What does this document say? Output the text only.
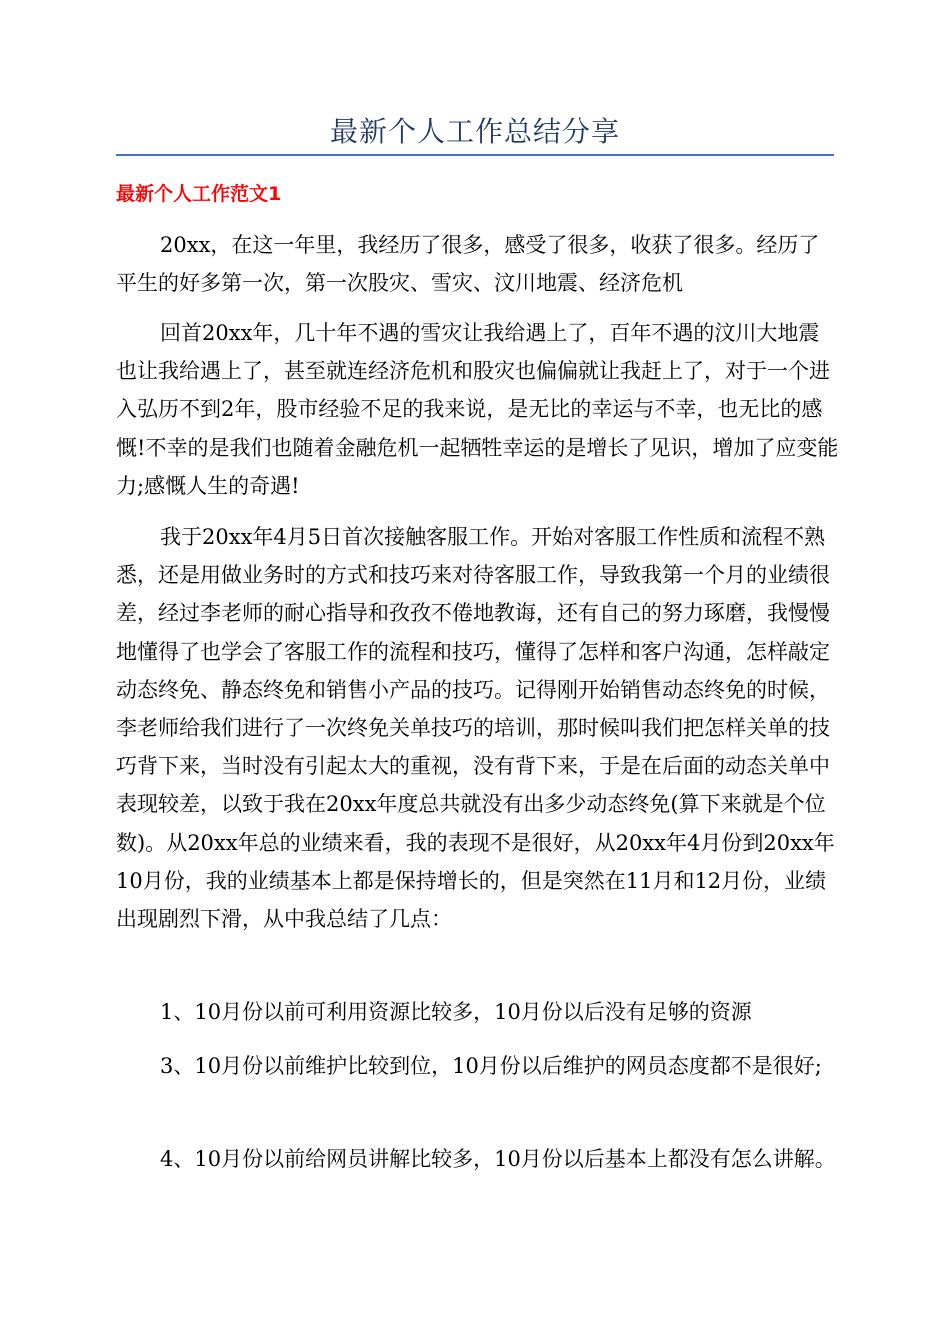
最新个人工作总结分享
最新个人工作范文1

20xx，在这一年里，我经历了很多，感受了很多，收获了很多。经历了平生的好多第一次，第一次股灾、雪灾、汶川地震、经济危机

回首20xx年，几十年不遇的雪灾让我给遇上了，百年不遇的汶川大地震也让我给遇上了，甚至就连经济危机和股灾也偏偏就让我赶上了，对于一个进入弘历不到2年，股市经验不足的我来说，是无比的幸运与不幸，也无比的感慨!不幸的是我们也随着金融危机一起牺牲幸运的是增长了见识，增加了应变能力;感慨人生的奇遇!

我于20xx年4月5日首次接触客服工作。开始对客服工作性质和流程不熟悉，还是用做业务时的方式和技巧来对待客服工作，导致我第一个月的业绩很差，经过李老师的耐心指导和孜孜不倦地教诲，还有自己的努力琢磨，我慢慢地懂得了也学会了客服工作的流程和技巧，懂得了怎样和客户沟通，怎样敲定动态终免、静态终免和销售小产品的技巧。记得刚开始销售动态终免的时候，李老师给我们进行了一次终免关单技巧的培训，那时候叫我们把怎样关单的技巧背下来，当时没有引起太大的重视，没有背下来，于是在后面的动态关单中表现较差，以致于我在20xx年度总共就没有出多少动态终免(算下来就是个位数)。从20xx年总的业绩来看，我的表现不是很好，从20xx年4月份到20xx年10月份，我的业绩基本上都是保持增长的，但是突然在11月和12月份，业绩出现剧烈下滑，从中我总结了几点：

1、10月份以前可利用资源比较多，10月份以后没有足够的资源

3、10月份以前维护比较到位，10月份以后维护的网员态度都不是很好;

4、10月份以前给网员讲解比较多，10月份以后基本上都没有怎么讲解。
